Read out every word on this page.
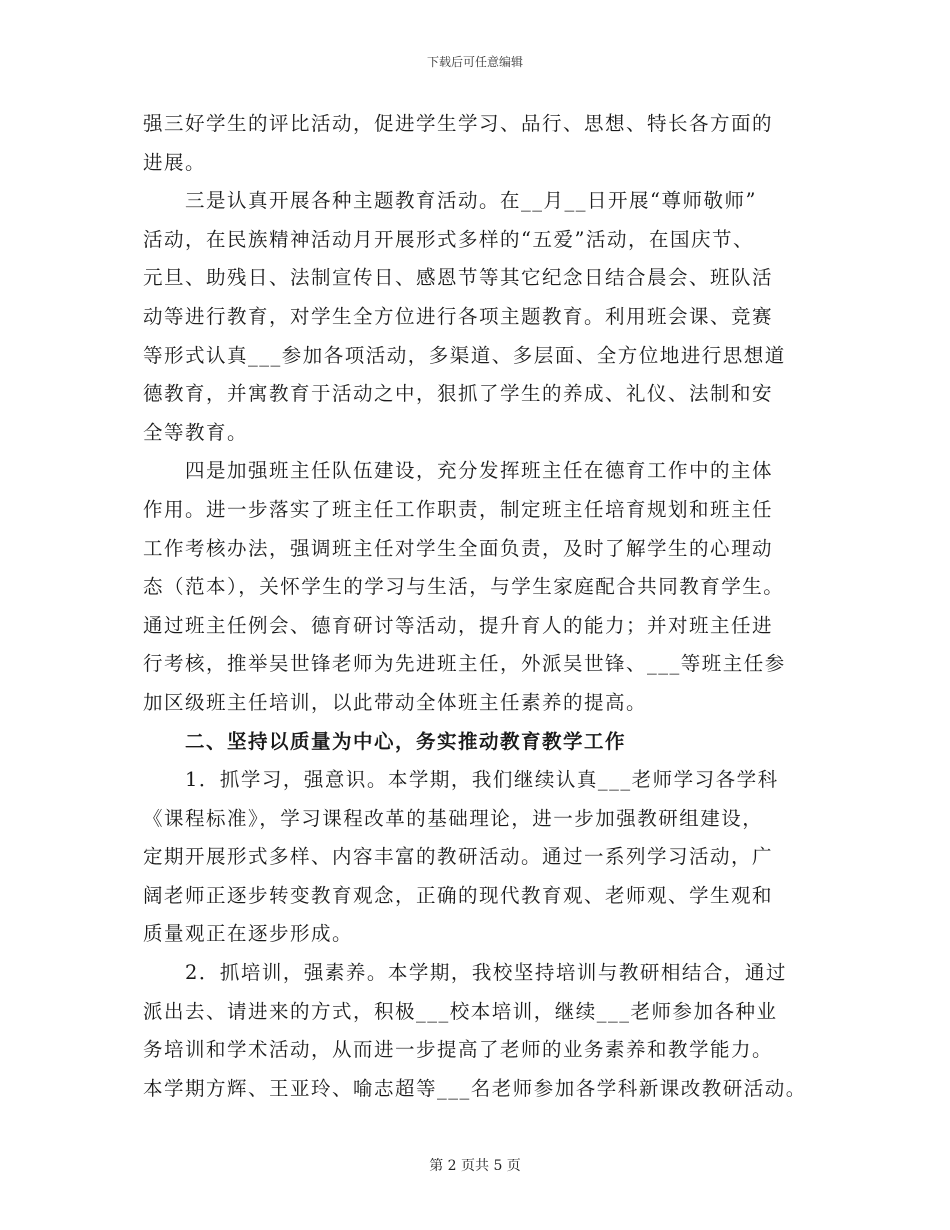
下载后可任意编辑
强三好学生的评比活动，促进学生学习、品行、思想、特长各方面的
进展。
三是认真开展各种主题教育活动。在__月__日开展“尊师敬师”
活动，在民族精神活动月开展形式多样的“五爱”活动，在国庆节、
元旦、助残日、法制宣传日、感恩节等其它纪念日结合晨会、班队活
动等进行教育，对学生全方位进行各项主题教育。利用班会课、竞赛
等形式认真___参加各项活动，多渠道、多层面、全方位地进行思想道
德教育，并寓教育于活动之中，狠抓了学生的养成、礼仪、法制和安
全等教育。
四是加强班主任队伍建设，充分发挥班主任在德育工作中的主体
作用。进一步落实了班主任工作职责，制定班主任培育规划和班主任
工作考核办法，强调班主任对学生全面负责，及时了解学生的心理动
态（范本），关怀学生的学习与生活，与学生家庭配合共同教育学生。
通过班主任例会、德育研讨等活动，提升育人的能力；并对班主任进
行考核，推举吴世锋老师为先进班主任，外派吴世锋、___等班主任参
加区级班主任培训，以此带动全体班主任素养的提高。
二、坚持以质量为中心，务实推动教育教学工作
1．抓学习，强意识。本学期，我们继续认真___老师学习各学科
《课程标准》，学习课程改革的基础理论，进一步加强教研组建设，
定期开展形式多样、内容丰富的教研活动。通过一系列学习活动，广
阔老师正逐步转变教育观念，正确的现代教育观、老师观、学生观和
质量观正在逐步形成。
2．抓培训，强素养。本学期，我校坚持培训与教研相结合，通过
派出去、请进来的方式，积极___校本培训，继续___老师参加各种业
务培训和学术活动，从而进一步提高了老师的业务素养和教学能力。
本学期方辉、王亚玲、喻志超等___名老师参加各学科新课改教研活动。
第 2 页共 5 页
